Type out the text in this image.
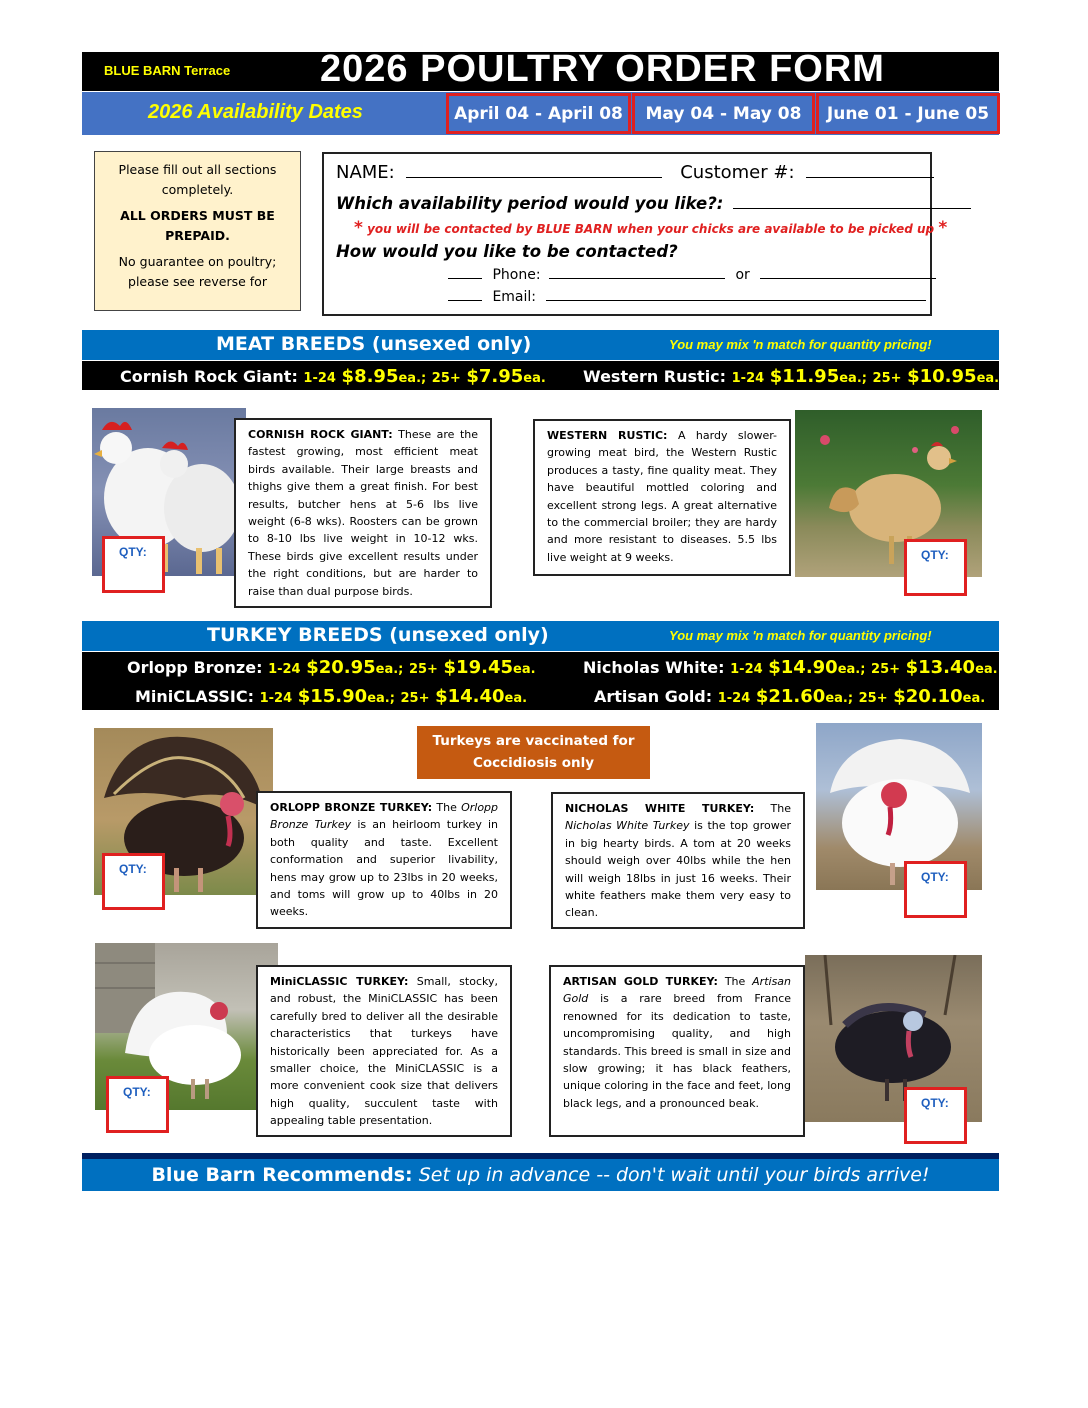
BLUE BARN Terrace 2026 POULTRY ORDER FORM
2026 Availability Dates	April 04 - April 08	May 04 - May 08	June 01 - June 05
Please fill out all sections completely.
ALL ORDERS MUST BE PREPAID.
No guarantee on poultry; please see reverse for
NAME:	Customer #:
Which availability period would you like?:
* you will be contacted by BLUE BARN when your chicks are available to be picked up *
How would you like to be contacted?
Phone:	or
Email:
MEAT BREEDS (unsexed only)	You may mix 'n match for quantity pricing!
Cornish Rock Giant: 1-24 $8.95ea.; 25+ $7.95ea. Western Rustic: 1-24 $11.95ea.; 25+ $10.95ea.
QTY:
CORNISH ROCK GIANT: These are the fastest growing, most efficient meat birds available. Their large breasts and thighs give them a great finish. For best results, butcher hens at 5-6 lbs live weight (6-8 wks). Roosters can be grown to 8-10 lbs live weight in 10-12 wks. These birds give excellent results under the right conditions, but are harder to raise than dual purpose birds.
WESTERN RUSTIC: A hardy slower-growing meat bird, the Western Rustic produces a tasty, fine quality meat. They have beautiful mottled coloring and excellent strong legs. A great alternative to the commercial broiler; they are hardy and more resistant to diseases. 5.5 lbs live weight at 9 weeks.	QTY:
TURKEY BREEDS (unsexed only)	You may mix 'n match for quantity pricing!
Orlopp Bronze: 1-24 $20.95ea.; 25+ $19.45ea.	Nicholas White: 1-24 $14.90ea.; 25+ $13.40ea.
MiniCLASSIC: 1-24 $15.90ea.; 25+ $14.40ea.	Artisan Gold: 1-24 $21.60ea.; 25+ $20.10ea.
Turkeys are vaccinated for Coccidiosis only
QTY:
ORLOPP BRONZE TURKEY: The Orlopp Bronze Turkey is an heirloom turkey in both quality and taste. Excellent conformation and superior livability, hens may grow up to 23lbs in 20 weeks, and toms will grow up to 40lbs in 20 weeks.
NICHOLAS WHITE TURKEY: The Nicholas White Turkey is the top grower in big hearty birds. A tom at 20 weeks should weigh over 40lbs while the hen will weigh 18lbs in just 16 weeks. Their white feathers make them very easy to clean.
QTY:
QTY:
MiniCLASSIC TURKEY: Small, stocky, and robust, the MiniCLASSIC has been carefully bred to deliver all the desirable characteristics that turkeys have historically been appreciated for. As a smaller choice, the MiniCLASSIC is a more convenient cook size that delivers high quality, succulent taste with appealing table presentation.
ARTISAN GOLD TURKEY: The Artisan Gold is a rare breed from France renowned for its dedication to taste, uncompromising quality, and high standards. This breed is small in size and slow growing; it has black feathers, unique coloring in the face and feet, long black legs, and a pronounced beak.	QTY:
Blue Barn Recommends: Set up in advance -- don't wait until your birds arrive!
